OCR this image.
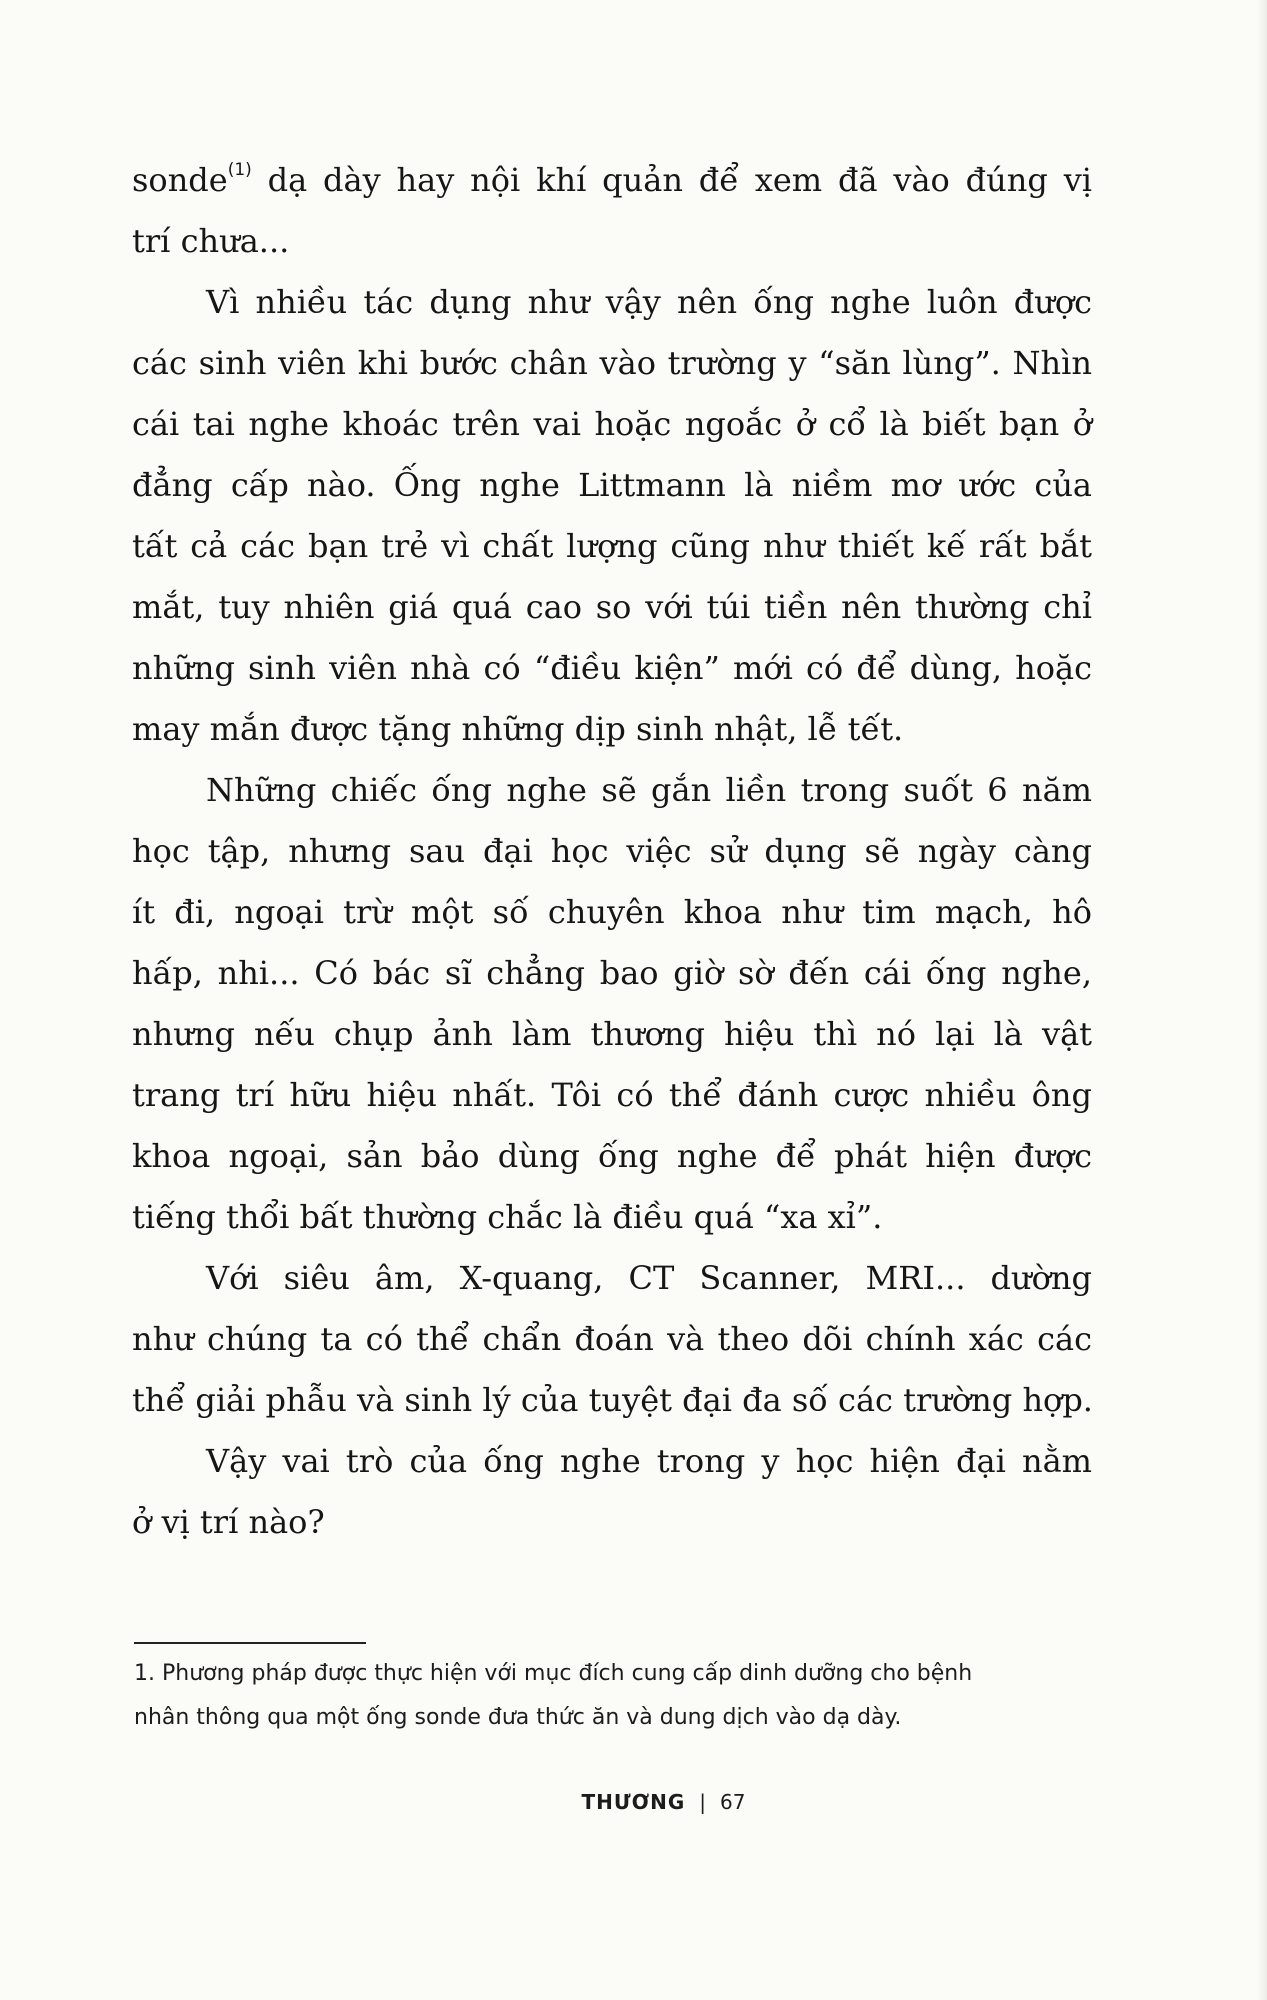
sonde$^{(1)}$ dạ dày hay nội khí quản để xem đã vào đúng vị
trí chưa...
Vì nhiều tác dụng như vậy nên ống nghe luôn được
các sinh viên khi bước chân vào trường y “săn lùng”. Nhìn
cái tai nghe khoác trên vai hoặc ngoắc ở cổ là biết bạn ở
đẳng cấp nào. Ống nghe Littmann là niềm mơ ước của
tất cả các bạn trẻ vì chất lượng cũng như thiết kế rất bắt
mắt, tuy nhiên giá quá cao so với túi tiền nên thường chỉ
những sinh viên nhà có “điều kiện” mới có để dùng, hoặc
may mắn được tặng những dịp sinh nhật, lễ tết.
Những chiếc ống nghe sẽ gắn liền trong suốt 6 năm
học tập, nhưng sau đại học việc sử dụng sẽ ngày càng
ít đi, ngoại trừ một số chuyên khoa như tim mạch, hô
hấp, nhi... Có bác sĩ chẳng bao giờ sờ đến cái ống nghe,
nhưng nếu chụp ảnh làm thương hiệu thì nó lại là vật
trang trí hữu hiệu nhất. Tôi có thể đánh cược nhiều ông
khoa ngoại, sản bảo dùng ống nghe để phát hiện được
tiếng thổi bất thường chắc là điều quá “xa xỉ”.
Với siêu âm, X-quang, CT Scanner, MRI... dường
như chúng ta có thể chẩn đoán và theo dõi chính xác các
thể giải phẫu và sinh lý của tuyệt đại đa số các trường hợp.
Vậy vai trò của ống nghe trong y học hiện đại nằm
ở vị trí nào?
1. Phương pháp được thực hiện với mục đích cung cấp dinh dưỡng cho bệnh
nhân thông qua một ống sonde đưa thức ăn và dung dịch vào dạ dày.
THƯƠNG | 67
